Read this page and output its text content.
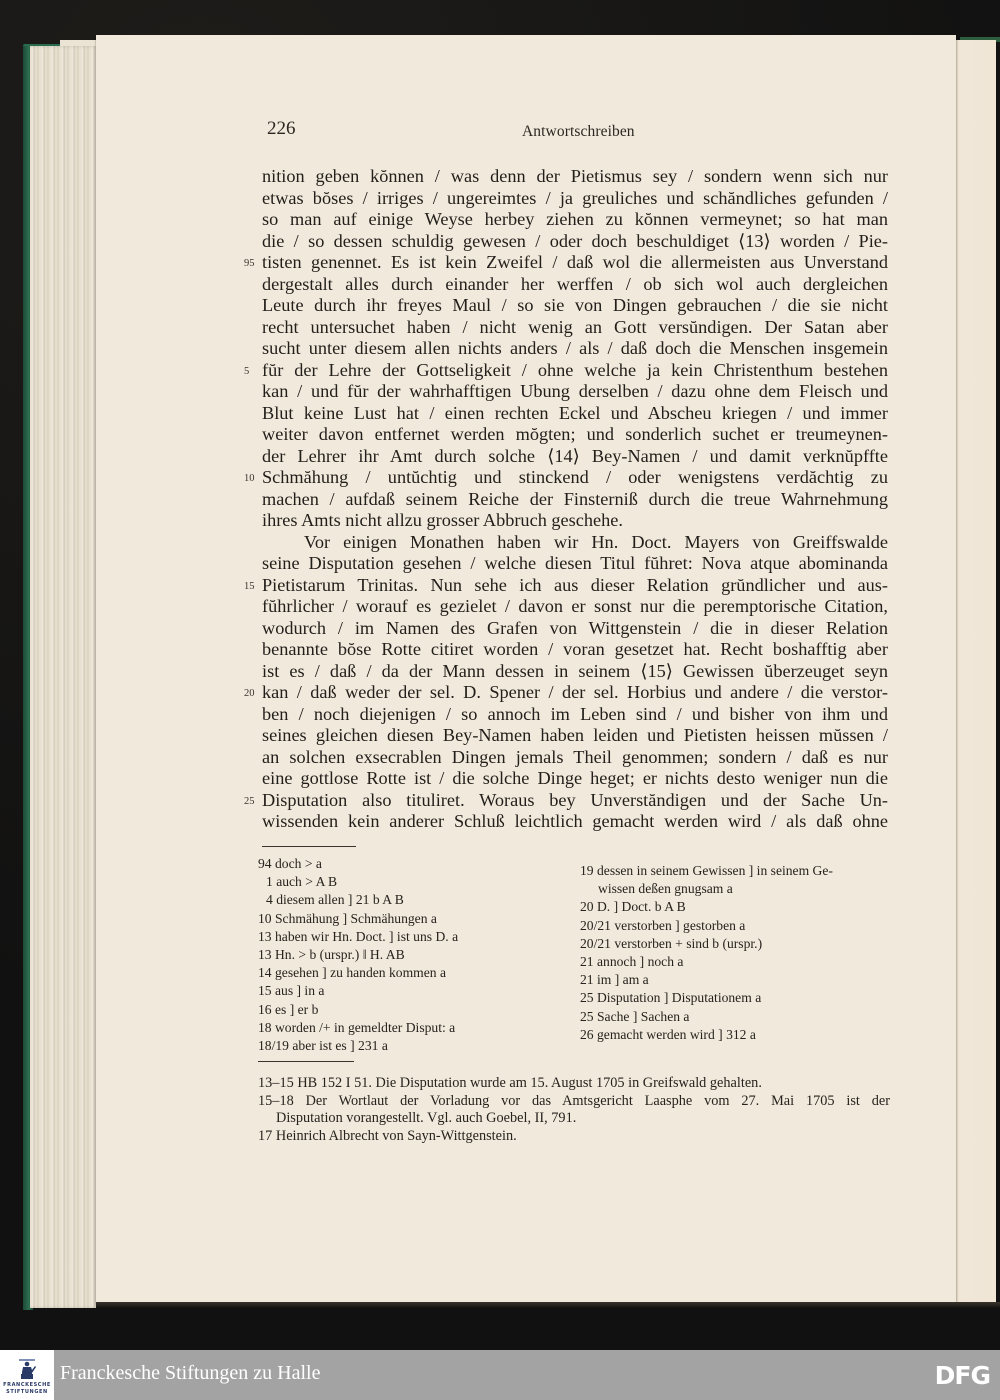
226	Antwortschreiben
nition geben kŏnnen / was denn der Pietismus sey / sondern wenn sich nur
etwas bŏses / irriges / ungereimtes / ja greuliches und schăndliches gefunden /
so man auf einige Weyse herbey ziehen zu kŏnnen vermeynet; so hat man
die / so dessen schuldig gewesen / oder doch beschuldiget ⟨13⟩ worden / Pie-
95 tisten genennet. Es ist kein Zweifel / daß wol die allermeisten aus Unverstand
dergestalt alles durch einander her werffen / ob sich wol auch dergleichen
Leute durch ihr freyes Maul / so sie von Dingen gebrauchen / die sie nicht
recht untersuchet haben / nicht wenig an Gott versŭndigen. Der Satan aber
sucht unter diesem allen nichts anders / als / daß doch die Menschen insgemein
5 fŭr der Lehre der Gottseligkeit / ohne welche ja kein Christenthum bestehen
kan / und fŭr der wahrhafftigen Ubung derselben / dazu ohne dem Fleisch und
Blut keine Lust hat / einen rechten Eckel und Abscheu kriegen / und immer
weiter davon entfernet werden mŏgten; und sonderlich suchet er treumeynen-
der Lehrer ihr Amt durch solche ⟨14⟩ Bey-Namen / und damit verknŭpffte
10 Schmăhung / untŭchtig und stinckend / oder wenigstens verdăchtig zu
machen / aufdaß seinem Reiche der Finsterniß durch die treue Wahrnehmung
ihres Amts nicht allzu grosser Abbruch geschehe.
Vor einigen Monathen haben wir Hn. Doct. Mayers von Greiffswalde
seine Disputation gesehen / welche diesen Titul fŭhret: Nova atque abominanda
15 Pietistarum Trinitas. Nun sehe ich aus dieser Relation grŭndlicher und aus-
fŭhrlicher / worauf es gezielet / davon er sonst nur die peremptorische Citation,
wodurch / im Namen des Grafen von Wittgenstein / die in dieser Relation
benannte bŏse Rotte citiret worden / voran gesetzet hat. Recht boshafftig aber
ist es / daß / da der Mann dessen in seinem ⟨15⟩ Gewissen ŭberzeuget seyn
20 kan / daß weder der sel. D. Spener / der sel. Horbius und andere / die verstor-
ben / noch diejenigen / so annoch im Leben sind / und bisher von ihm und
seines gleichen diesen Bey-Namen haben leiden und Pietisten heissen mŭssen /
an solchen exsecrablen Dingen jemals Theil genommen; sondern / daß es nur
eine gottlose Rotte ist / die solche Dinge heget; er nichts desto weniger nun die
25 Disputation also tituliret. Woraus bey Unverstăndigen und der Sache Un-
wissenden kein anderer Schluß leichtlich gemacht werden wird / als daß ohne
94 doch > a
1 auch > A B
4 diesem allen ] 21 b A B
10 Schmähung ] Schmähungen a
13 haben wir Hn. Doct. ] ist uns D. a
13 Hn. > b (urspr.) ‖ H. AB
14 gesehen ] zu handen kommen a
15 aus ] in a
16 es ] er b
18 worden /+ in gemeldter Disput: a
18/19 aber ist es ] 231 a
19 dessen in seinem Gewissen ] in seinem Ge-
wissen deßen gnugsam a
20 D. ] Doct. b A B
20/21 verstorben ] gestorben a
20/21 verstorben + sind b (urspr.)
21 annoch ] noch a
21 im ] am a
25 Disputation ] Disputationem a
25 Sache ] Sachen a
26 gemacht werden wird ] 312 a
13–15 HB 152 I 51. Die Disputation wurde am 15. August 1705 in Greifswald gehalten.
15–18 Der Wortlaut der Vorladung vor das Amtsgericht Laasphe vom 27. Mai 1705 ist der
Disputation vorangestellt. Vgl. auch Goebel, II, 791.
17 Heinrich Albrecht von Sayn-Wittgenstein.
FRANCKESCHE
STIFTUNGEN
Franckesche Stiftungen zu Halle	DFG
